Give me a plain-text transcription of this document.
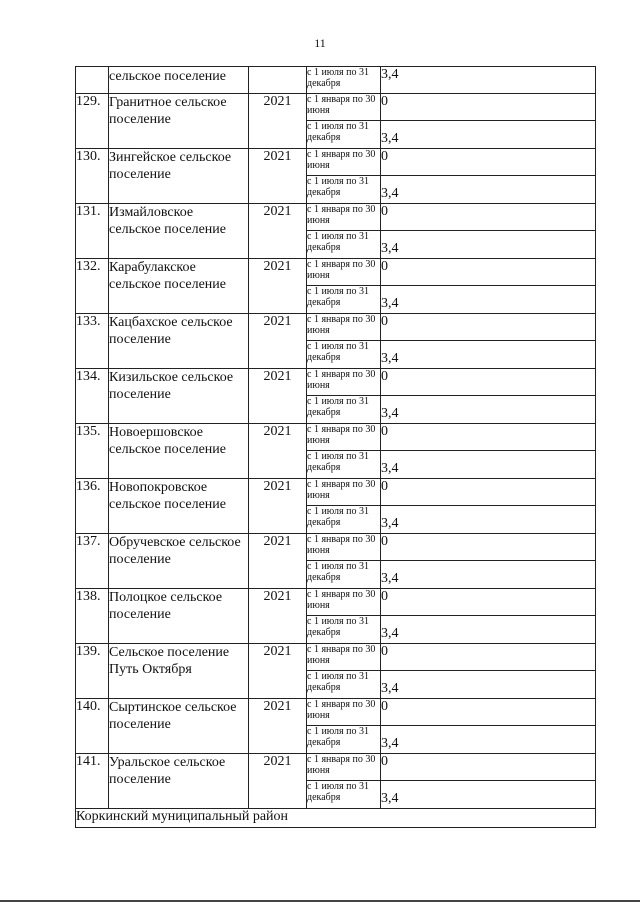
11
	сельское поселение		с 1 июля по 31 декабря	3,4
129.	Гранитное сельское поселение	2021	с 1 января по 30 июня	0
			с 1 июля по 31 декабря	3,4
130.	Зингейское сельское поселение	2021	с 1 января по 30 июня	0
			с 1 июля по 31 декабря	3,4
131.	Измайловское сельское поселение	2021	с 1 января по 30 июня	0
			с 1 июля по 31 декабря	3,4
132.	Карабулакское сельское поселение	2021	с 1 января по 30 июня	0
			с 1 июля по 31 декабря	3,4
133.	Кацбахское сельское поселение	2021	с 1 января по 30 июня	0
			с 1 июля по 31 декабря	3,4
134.	Кизильское сельское поселение	2021	с 1 января по 30 июня	0
			с 1 июля по 31 декабря	3,4
135.	Новоершовское сельское поселение	2021	с 1 января по 30 июня	0
			с 1 июля по 31 декабря	3,4
136.	Новопокровское сельское поселение	2021	с 1 января по 30 июня	0
			с 1 июля по 31 декабря	3,4
137.	Обручевское сельское поселение	2021	с 1 января по 30 июня	0
			с 1 июля по 31 декабря	3,4
138.	Полоцкое сельское поселение	2021	с 1 января по 30 июня	0
			с 1 июля по 31 декабря	3,4
139.	Сельское поселение Путь Октября	2021	с 1 января по 30 июня	0
			с 1 июля по 31 декабря	3,4
140.	Сыртинское сельское поселение	2021	с 1 января по 30 июня	0
			с 1 июля по 31 декабря	3,4
141.	Уральское сельское поселение	2021	с 1 января по 30 июня	0
			с 1 июля по 31 декабря	3,4
Коркинский муниципальный район				
